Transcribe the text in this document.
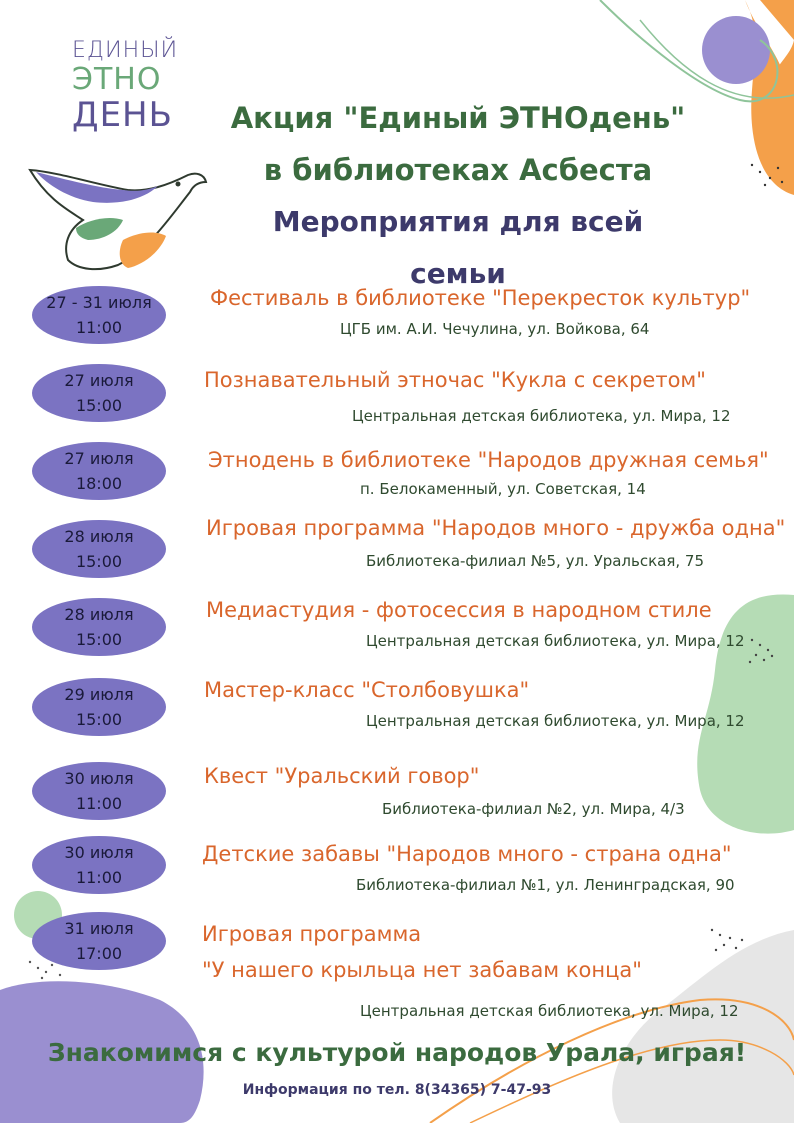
ЕДИНЫЙ
ЭТНО
ДЕНЬ Акция "Единый ЭТНОдень"
в библиотеках Асбеста
Мероприятия для всей семьи
27 - 31 июля
11:00
Фестиваль в библиотеке "Перекресток культур"
ЦГБ им. А.И. Чечулина, ул. Войкова, 64
27 июля
15:00
Познавательный этночас "Кукла с секретом"
Центральная детская библиотека, ул. Мира, 12
27 июля
18:00
Этнодень в библиотеке "Народов дружная семья"
п. Белокаменный, ул. Советская, 14
28 июля
15:00
Игровая программа "Народов много - дружба одна"
Библиотека-филиал №5, ул. Уральская, 75
28 июля
15:00
Медиастудия - фотосессия в народном стиле
Центральная детская библиотека, ул. Мира, 12
29 июля
15:00
Мастер-класс "Столбовушка"
Центральная детская библиотека, ул. Мира, 12
30 июля
11:00
Квест "Уральский говор"
Библиотека-филиал №2, ул. Мира, 4/3
30 июля
11:00
Детские забавы "Народов много - страна одна"
Библиотека-филиал №1, ул. Ленинградская, 90
31 июля
17:00
Игровая программа
"У нашего крыльца нет забавам конца"
Центральная детская библиотека, ул. Мира, 12
Знакомимся с культурой народов Урала, играя!
Информация по тел. 8(34365) 7-47-93
